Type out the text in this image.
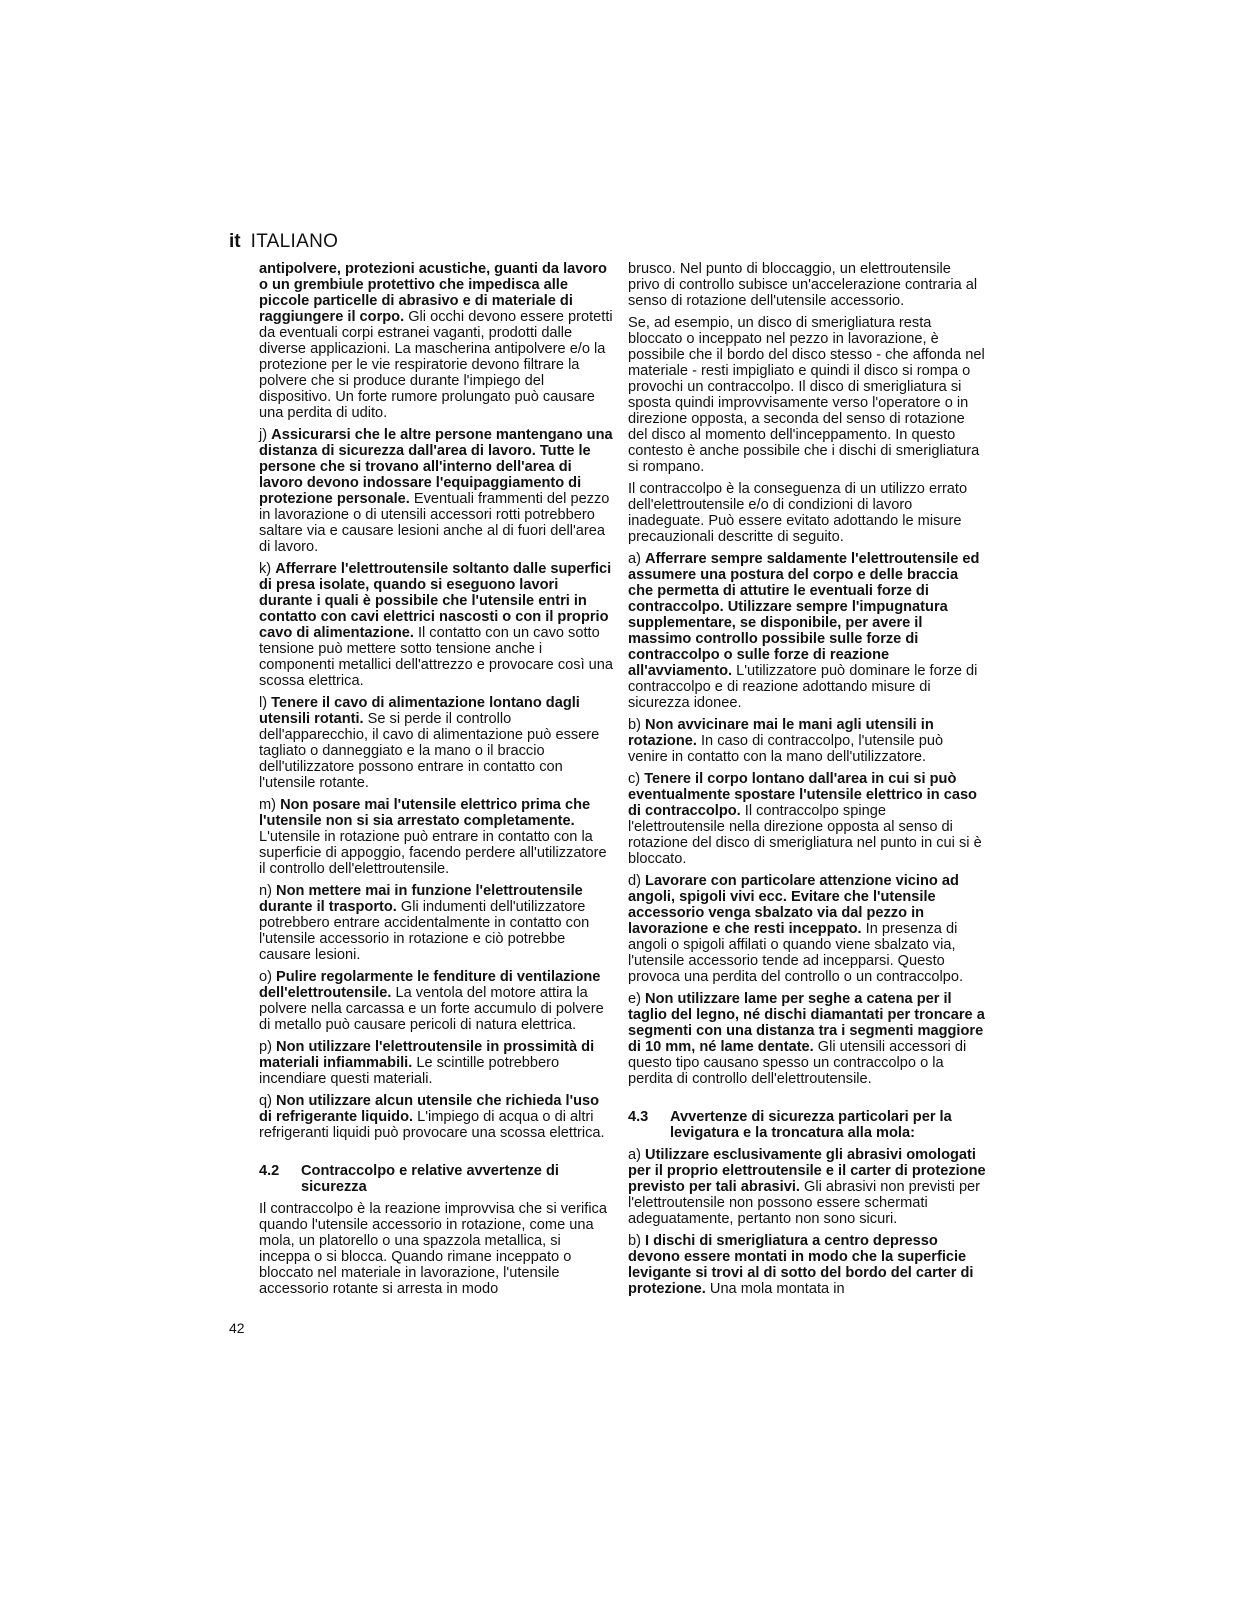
it ITALIANO

antipolvere, protezioni acustiche, guanti da lavoro o un grembiule protettivo che impedisca alle piccole particelle di abrasivo e di materiale di raggiungere il corpo. Gli occhi devono essere protetti da eventuali corpi estranei vaganti, prodotti dalle diverse applicazioni. La mascherina antipolvere e/o la protezione per le vie respiratorie devono filtrare la polvere che si produce durante l'impiego del dispositivo. Un forte rumore prolungato può causare una perdita di udito.

j) Assicurarsi che le altre persone mantengano una distanza di sicurezza dall'area di lavoro. Tutte le persone che si trovano all'interno dell'area di lavoro devono indossare l'equipaggiamento di protezione personale. Eventuali frammenti del pezzo in lavorazione o di utensili accessori rotti potrebbero saltare via e causare lesioni anche al di fuori dell'area di lavoro.

k) Afferrare l'elettroutensile soltanto dalle superfici di presa isolate, quando si eseguono lavori durante i quali è possibile che l'utensile entri in contatto con cavi elettrici nascosti o con il proprio cavo di alimentazione. Il contatto con un cavo sotto tensione può mettere sotto tensione anche i componenti metallici dell'attrezzo e provocare così una scossa elettrica.

l) Tenere il cavo di alimentazione lontano dagli utensili rotanti. Se si perde il controllo dell'apparecchio, il cavo di alimentazione può essere tagliato o danneggiato e la mano o il braccio dell'utilizzatore possono entrare in contatto con l'utensile rotante.

m) Non posare mai l'utensile elettrico prima che l'utensile non si sia arrestato completamente. L'utensile in rotazione può entrare in contatto con la superficie di appoggio, facendo perdere all'utilizzatore il controllo dell'elettroutensile.

n) Non mettere mai in funzione l'elettroutensile durante il trasporto. Gli indumenti dell'utilizzatore potrebbero entrare accidentalmente in contatto con l'utensile accessorio in rotazione e ciò potrebbe causare lesioni.

o) Pulire regolarmente le fenditure di ventilazione dell'elettroutensile. La ventola del motore attira la polvere nella carcassa e un forte accumulo di polvere di metallo può causare pericoli di natura elettrica.

p) Non utilizzare l'elettroutensile in prossimità di materiali infiammabili. Le scintille potrebbero incendiare questi materiali.

q) Non utilizzare alcun utensile che richieda l'uso di refrigerante liquido. L'impiego di acqua o di altri refrigeranti liquidi può provocare una scossa elettrica.

4.2 Contraccolpo e relative avvertenze di sicurezza

Il contraccolpo è la reazione improvvisa che si verifica quando l'utensile accessorio in rotazione, come una mola, un platorello o una spazzola metallica, si inceppa o si blocca. Quando rimane inceppato o bloccato nel materiale in lavorazione, l'utensile accessorio rotante si arresta in modo

brusco. Nel punto di bloccaggio, un elettroutensile privo di controllo subisce un'accelerazione contraria al senso di rotazione dell'utensile accessorio.

Se, ad esempio, un disco di smerigliatura resta bloccato o inceppato nel pezzo in lavorazione, è possibile che il bordo del disco stesso - che affonda nel materiale - resti impigliato e quindi il disco si rompa o provochi un contraccolpo. Il disco di smerigliatura si sposta quindi improvvisamente verso l'operatore o in direzione opposta, a seconda del senso di rotazione del disco al momento dell'inceppamento. In questo contesto è anche possibile che i dischi di smerigliatura si rompano.

Il contraccolpo è la conseguenza di un utilizzo errato dell'elettroutensile e/o di condizioni di lavoro inadeguate. Può essere evitato adottando le misure precauzionali descritte di seguito.

a) Afferrare sempre saldamente l'elettroutensile ed assumere una postura del corpo e delle braccia che permetta di attutire le eventuali forze di contraccolpo. Utilizzare sempre l'impugnatura supplementare, se disponibile, per avere il massimo controllo possibile sulle forze di contraccolpo o sulle forze di reazione all'avviamento. L'utilizzatore può dominare le forze di contraccolpo e di reazione adottando misure di sicurezza idonee.

b) Non avvicinare mai le mani agli utensili in rotazione. In caso di contraccolpo, l'utensile può venire in contatto con la mano dell'utilizzatore.

c) Tenere il corpo lontano dall'area in cui si può eventualmente spostare l'utensile elettrico in caso di contraccolpo. Il contraccolpo spinge l'elettroutensile nella direzione opposta al senso di rotazione del disco di smerigliatura nel punto in cui si è bloccato.

d) Lavorare con particolare attenzione vicino ad angoli, spigoli vivi ecc. Evitare che l'utensile accessorio venga sbalzato via dal pezzo in lavorazione e che resti inceppato. In presenza di angoli o spigoli affilati o quando viene sbalzato via, l'utensile accessorio tende ad incepparsi. Questo provoca una perdita del controllo o un contraccolpo.

e) Non utilizzare lame per seghe a catena per il taglio del legno, né dischi diamantati per troncare a segmenti con una distanza tra i segmenti maggiore di 10 mm, né lame dentate. Gli utensili accessori di questo tipo causano spesso un contraccolpo o la perdita di controllo dell'elettroutensile.

4.3 Avvertenze di sicurezza particolari per la levigatura e la troncatura alla mola:

a) Utilizzare esclusivamente gli abrasivi omologati per il proprio elettroutensile e il carter di protezione previsto per tali abrasivi. Gli abrasivi non previsti per l'elettroutensile non possono essere schermati adeguatamente, pertanto non sono sicuri.

b) I dischi di smerigliatura a centro depresso devono essere montati in modo che la superficie levigante si trovi al di sotto del bordo del carter di protezione. Una mola montata in

42
